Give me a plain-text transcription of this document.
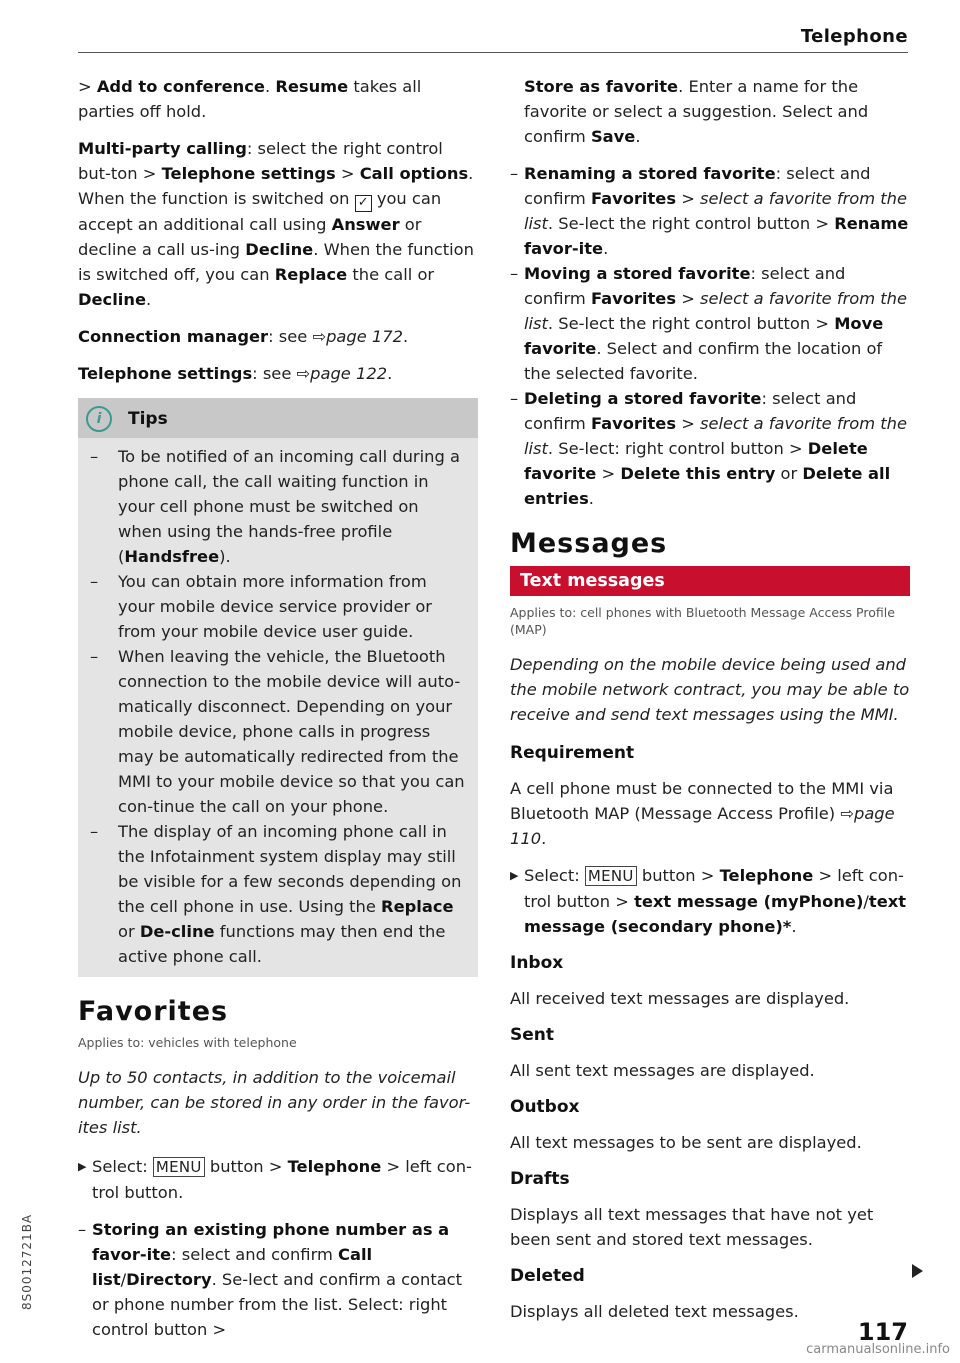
Telephone

> Add to conference. Resume takes all parties off hold.

Multi-party calling: select the right control but-ton > Telephone settings > Call options. When the function is switched on ✓ you can accept an additional call using Answer or decline a call us-ing Decline. When the function is switched off, you can Replace the call or Decline.

Connection manager: see ⇨page 172.

Telephone settings: see ⇨page 122.

i	Tips
– To be notified of an incoming call during a phone call, the call waiting function in your cell phone must be switched on when using the hands-free profile (Handsfree).
– You can obtain more information from your mobile device service provider or from your mobile device user guide.
– When leaving the vehicle, the Bluetooth connection to the mobile device will auto-matically disconnect. Depending on your mobile device, phone calls in progress may be automatically redirected from the MMI to your mobile device so that you can con-tinue the call on your phone.
– The display of an incoming phone call in the Infotainment system display may still be visible for a few seconds depending on the cell phone in use. Using the Replace or De-cline functions may then end the active phone call.
Favorites
Applies to: vehicles with telephone

Up to 50 contacts, in addition to the voicemail number, can be stored in any order in the favor-ites list.

▶ Select: MENU button > Telephone > left con-trol button.
– Storing an existing phone number as a favor-ite: select and confirm Call list/Directory. Se-lect and confirm a contact or phone number from the list. Select: right control button >

Store as favorite. Enter a name for the favorite or select a suggestion. Select and confirm Save.

– Renaming a stored favorite: select and confirm Favorites > select a favorite from the list. Se-lect the right control button > Rename favor-ite.
– Moving a stored favorite: select and confirm Favorites > select a favorite from the list. Se-lect the right control button > Move favorite. Select and confirm the location of the selected favorite.
– Deleting a stored favorite: select and confirm Favorites > select a favorite from the list. Se-lect: right control button > Delete favorite > Delete this entry or Delete all entries.
Messages
Text messages
Applies to: cell phones with Bluetooth Message Access Profile (MAP)

Depending on the mobile device being used and the mobile network contract, you may be able to receive and send text messages using the MMI.

Requirement

A cell phone must be connected to the MMI via Bluetooth MAP (Message Access Profile) ⇨page 110.

▶ Select: MENU button > Telephone > left con-trol button > text message (myPhone)/text message (secondary phone)*.
Inbox

All received text messages are displayed.

Sent

All sent text messages are displayed.

Outbox

All text messages to be sent are displayed.

Drafts

Displays all text messages that have not yet been sent and stored text messages.

Deleted

Displays all deleted text messages.

117
8S0012721BA
carmanualsonline.info
